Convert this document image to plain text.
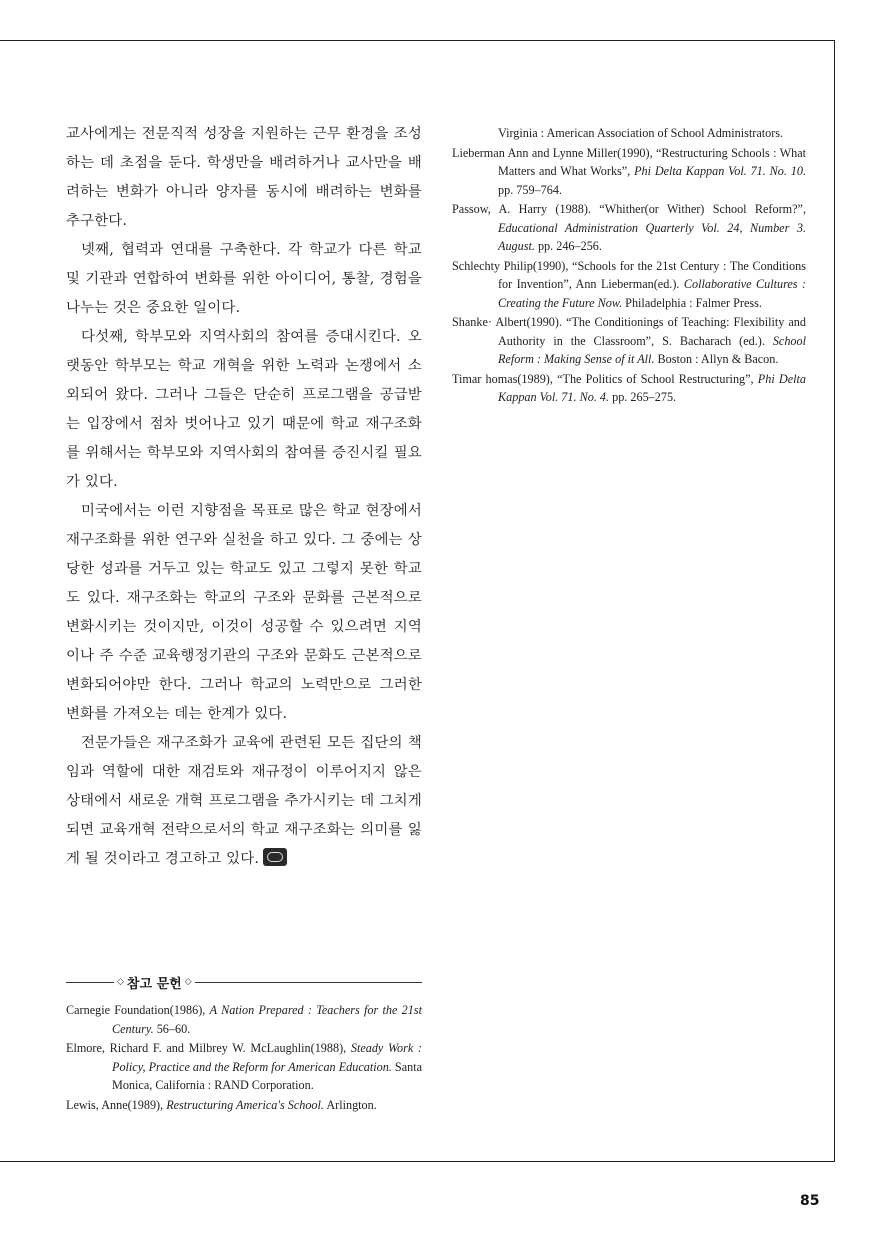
교사에게는 전문직적 성장을 지원하는 근무 환경을 조성하는 데 초점을 둔다. 학생만을 배려하거나 교사만을 배려하는 변화가 아니라 양자를 동시에 배려하는 변화를 추구한다.

넷째, 협력과 연대를 구축한다. 각 학교가 다른 학교 및 기관과 연합하여 변화를 위한 아이디어, 통찰, 경험을 나누는 것은 중요한 일이다.

다섯째, 학부모와 지역사회의 참여를 증대시킨다. 오랫동안 학부모는 학교 개혁을 위한 노력과 논쟁에서 소외되어 왔다. 그러나 그들은 단순히 프로그램을 공급받는 입장에서 점차 벗어나고 있기 때문에 학교 재구조화를 위해서는 학부모와 지역사회의 참여를 증진시킬 필요가 있다.

미국에서는 이런 지향점을 목표로 많은 학교 현장에서 재구조화를 위한 연구와 실천을 하고 있다. 그 중에는 상당한 성과를 거두고 있는 학교도 있고 그렇지 못한 학교도 있다. 재구조화는 학교의 구조와 문화를 근본적으로 변화시키는 것이지만, 이것이 성공할 수 있으려면 지역이나 주 수준 교육행정기관의 구조와 문화도 근본적으로 변화되어야만 한다. 그러나 학교의 노력만으로 그러한 변화를 가져오는 데는 한계가 있다.

전문가들은 재구조화가 교육에 관련된 모든 집단의 책임과 역할에 대한 재검토와 재규정이 이루어지지 않은 상태에서 새로운 개혁 프로그램을 추가시키는 데 그치게 되면 교육개혁 전략으로서의 학교 재구조화는 의미를 잃게 될 것이라고 경고하고 있다.

◇ 참고 문헌 ◇
Carnegie Foundation(1986), A Nation Prepared : Teachers for the 21st Century. 56–60.
Elmore, Richard F. and Milbrey W. McLaughlin(1988), Steady Work : Policy, Practice and the Reform for American Education. Santa Monica, California : RAND Corporation.
Lewis, Anne(1989), Restructuring America's School. Arlington.
Virginia : American Association of School Administrators.
Lieberman Ann and Lynne Miller(1990), “Restructuring Schools : What Matters and What Works”, Phi Delta Kappan Vol. 71. No. 10. pp. 759–764.
Passow, A. Harry (1988). “Whither(or Wither) School Reform?”, Educational Administration Quarterly Vol. 24, Number 3. August. pp. 246–256.
Schlechty Philip(1990), “Schools for the 21st Century : The Conditions for Invention”, Ann Lieberman(ed.). Collaborative Cultures : Creating the Future Now. Philadelphia : Falmer Press.
Shanke· Albert(1990). “The Conditionings of Teaching: Flexibility and Authority in the Classroom”, S. Bacharach (ed.). School Reform : Making Sense of it All. Boston : Allyn & Bacon.
Timar homas(1989), “The Politics of School Restructuring”, Phi Delta Kappan Vol. 71. No. 4. pp. 265–275.
85
